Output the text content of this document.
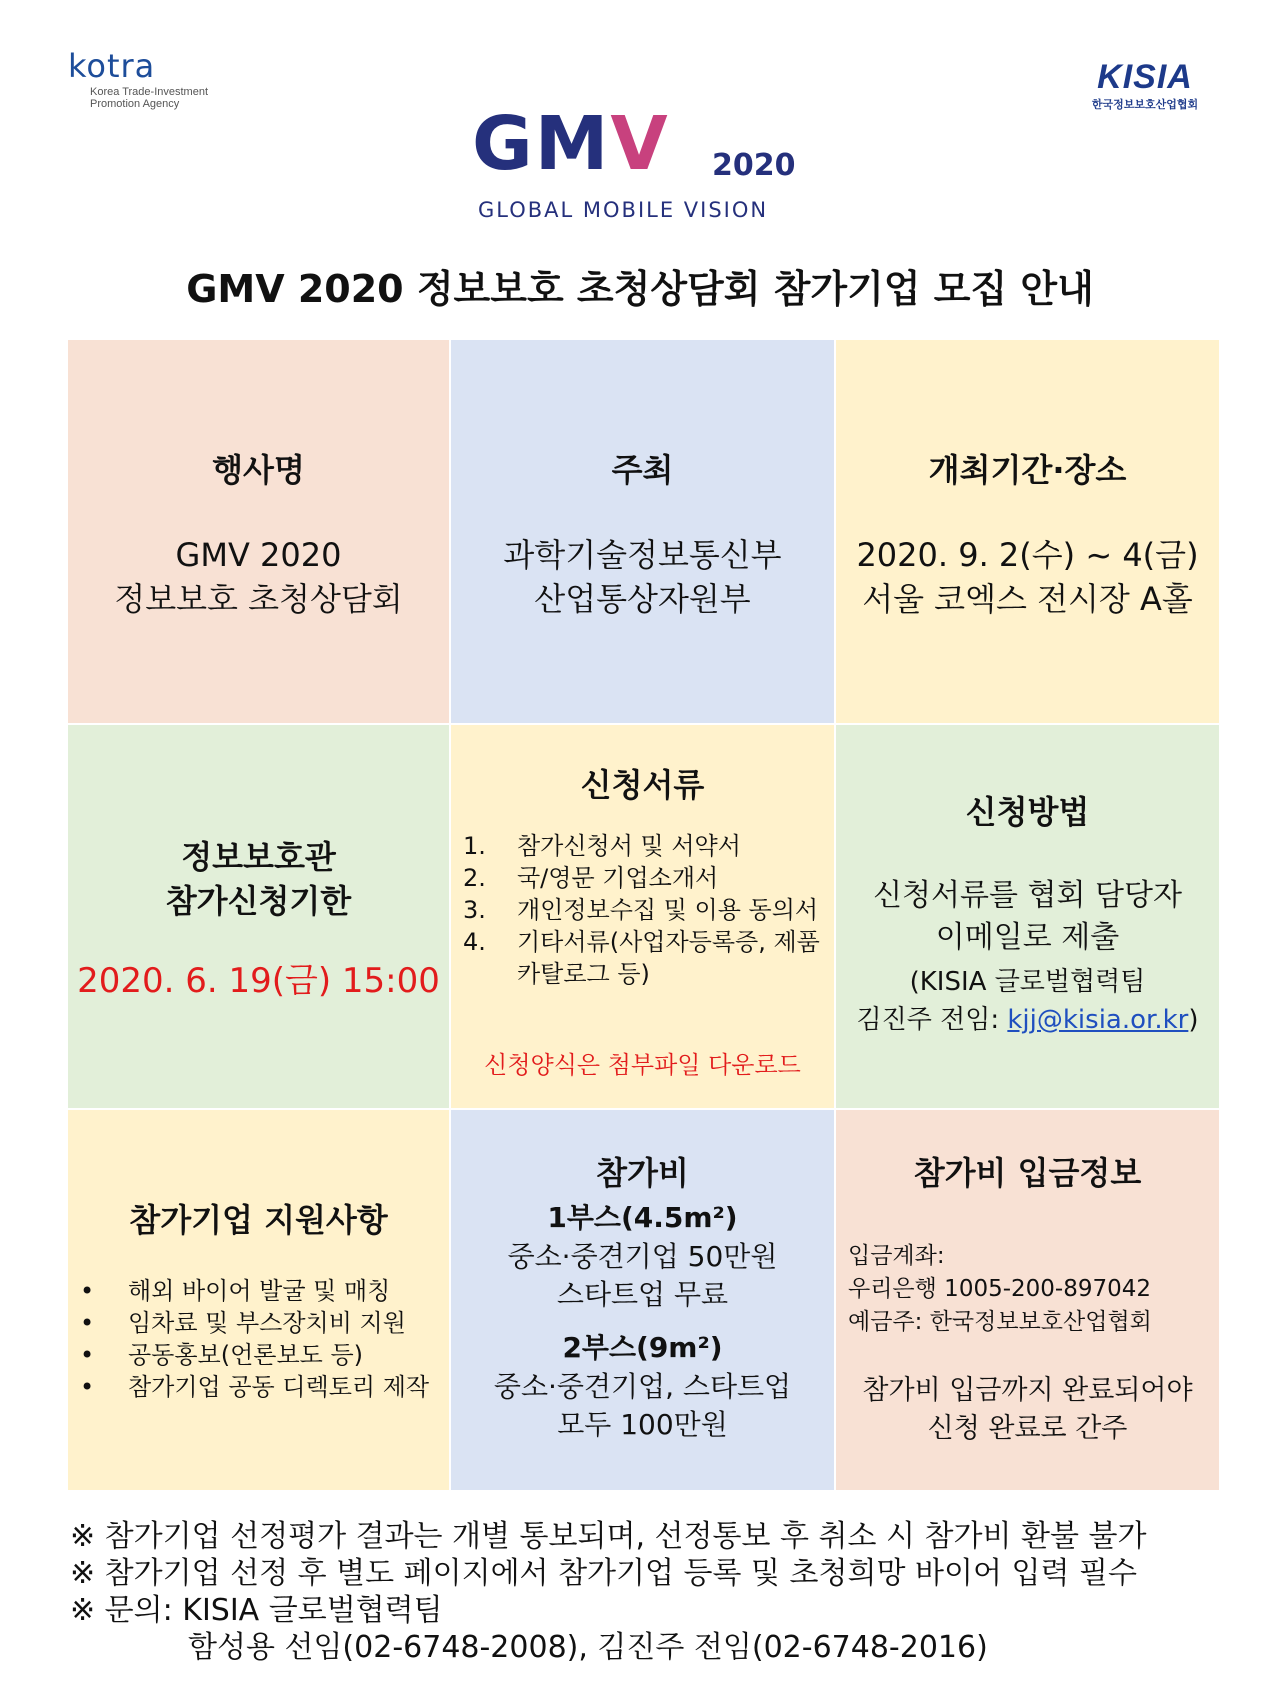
kotra
Korea Trade-Investment
Promotion Agency
KISIA
한국정보보호산업협회
GMV 2020
GLOBAL MOBILE VISION
GMV 2020 정보보호 초청상담회 참가기업 모집 안내
행사명
GMV 2020
정보보호 초청상담회
주최
과학기술정보통신부
산업통상자원부
개최기간·장소
2020. 9. 2(수) ~ 4(금)
서울 코엑스 전시장 A홀
정보보호관
참가신청기한
2020. 6. 19(금) 15:00
신청서류
1. 참가신청서 및 서약서
2. 국/영문 기업소개서
3. 개인정보수집 및 이용 동의서
4. 기타서류(사업자등록증, 제품 카탈로그 등)
신청양식은 첨부파일 다운로드
신청방법
신청서류를 협회 담당자
이메일로 제출
(KISIA 글로벌협력팀
김진주 전임: kjj@kisia.or.kr)
참가기업 지원사항
• 해외 바이어 발굴 및 매칭
• 임차료 및 부스장치비 지원
• 공동홍보(언론보도 등)
• 참가기업 공동 디렉토리 제작
참가비
1부스(4.5m²)
중소·중견기업 50만원
스타트업 무료
2부스(9m²)
중소·중견기업, 스타트업
모두 100만원
참가비 입금정보
입금계좌:
우리은행 1005-200-897042
예금주: 한국정보보호산업협회
참가비 입금까지 완료되어야
신청 완료로 간주
※ 참가기업 선정평가 결과는 개별 통보되며, 선정통보 후 취소 시 참가비 환불 불가
※ 참가기업 선정 후 별도 페이지에서 참가기업 등록 및 초청희망 바이어 입력 필수
※ 문의: KISIA 글로벌협력팀
함성용 선임(02-6748-2008), 김진주 전임(02-6748-2016)
